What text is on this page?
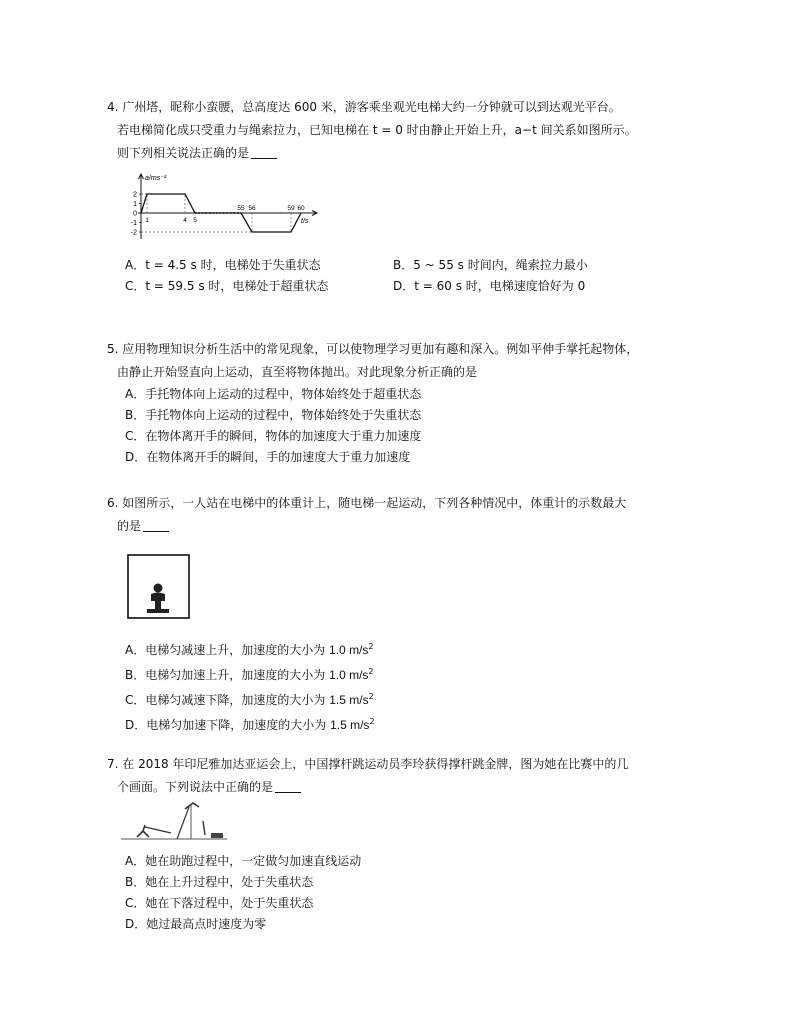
4. 广州塔，昵称小蛮腰，总高度达 600 米，游客乘坐观光电梯大约一分钟就可以到达观光平台。
若电梯简化成只受重力与绳索拉力，已知电梯在 t = 0 时由静止开始上升，a−t 间关系如图所示。
则下列相关说法正确的是
a/ms⁻²
t/s
2
1
0
-1
-2
1	4 5
55 56	59 60
A．t = 4.5 s 时，电梯处于失重状态	B．5 ~ 55 s 时间内，绳索拉力最小
C．t = 59.5 s 时，电梯处于超重状态	D．t = 60 s 时，电梯速度恰好为 0
5. 应用物理知识分析生活中的常见现象，可以使物理学习更加有趣和深入。例如平伸手掌托起物体，
由静止开始竖直向上运动，直至将物体抛出。对此现象分析正确的是
A．手托物体向上运动的过程中，物体始终处于超重状态
B．手托物体向上运动的过程中，物体始终处于失重状态
C．在物体离开手的瞬间，物体的加速度大于重力加速度
D．在物体离开手的瞬间，手的加速度大于重力加速度
6. 如图所示，一人站在电梯中的体重计上，随电梯一起运动，下列各种情况中，体重计的示数最大
的是
A．电梯匀减速上升，加速度的大小为 1.0 $m/s^2$
B．电梯匀加速上升，加速度的大小为 1.0 $m/s^2$
C．电梯匀减速下降，加速度的大小为 1.5 $m/s^2$
D．电梯匀加速下降，加速度的大小为 1.5 $m/s^2$
7. 在 2018 年印尼雅加达亚运会上，中国撑杆跳运动员李玲获得撑杆跳金牌，图为她在比赛中的几
个画面。下列说法中正确的是
A．她在助跑过程中，一定做匀加速直线运动
B．她在上升过程中，处于失重状态
C．她在下落过程中，处于失重状态
D．她过最高点时速度为零
